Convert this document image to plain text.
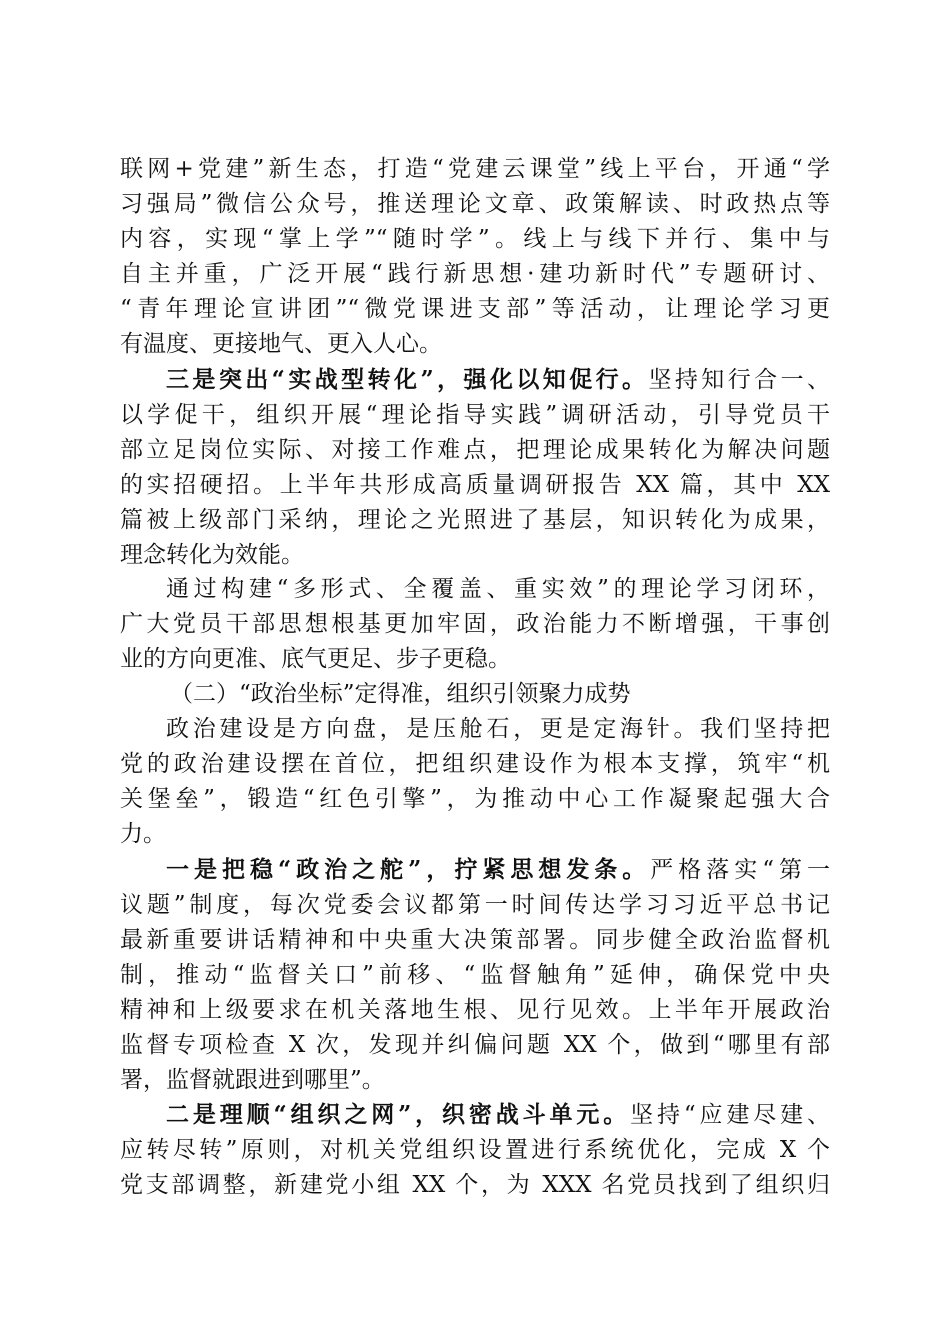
联网+党建”新生态，打造“党建云课堂”线上平台，开通“学
习强局”微信公众号，推送理论文章、政策解读、时政热点等
内容，实现“掌上学”“随时学”。线上与线下并行、集中与
自主并重，广泛开展“践行新思想·建功新时代”专题研讨、
“青年理论宣讲团”“微党课进支部”等活动，让理论学习更
有温度、更接地气、更入人心。
三是突出“实战型转化”，强化以知促行。坚持知行合一、
以学促干，组织开展“理论指导实践”调研活动，引导党员干
部立足岗位实际、对接工作难点，把理论成果转化为解决问题
的实招硬招。上半年共形成高质量调研报告 XX 篇，其中 XX
篇被上级部门采纳，理论之光照进了基层，知识转化为成果，
理念转化为效能。
通过构建“多形式、全覆盖、重实效”的理论学习闭环，
广大党员干部思想根基更加牢固，政治能力不断增强，干事创
业的方向更准、底气更足、步子更稳。
（二）“政治坐标”定得准，组织引领聚力成势
政治建设是方向盘，是压舱石，更是定海针。我们坚持把
党的政治建设摆在首位，把组织建设作为根本支撑，筑牢“机
关堡垒”，锻造“红色引擎”，为推动中心工作凝聚起强大合
力。
一是把稳“政治之舵”，拧紧思想发条。严格落实“第一
议题”制度，每次党委会议都第一时间传达学习习近平总书记
最新重要讲话精神和中央重大决策部署。同步健全政治监督机
制，推动“监督关口”前移、“监督触角”延伸，确保党中央
精神和上级要求在机关落地生根、见行见效。上半年开展政治
监督专项检查 X 次，发现并纠偏问题 XX 个，做到“哪里有部
署，监督就跟进到哪里”。
二是理顺“组织之网”，织密战斗单元。坚持“应建尽建、
应转尽转”原则，对机关党组织设置进行系统优化，完成 X 个
党支部调整，新建党小组 XX 个，为 XXX 名党员找到了组织归
